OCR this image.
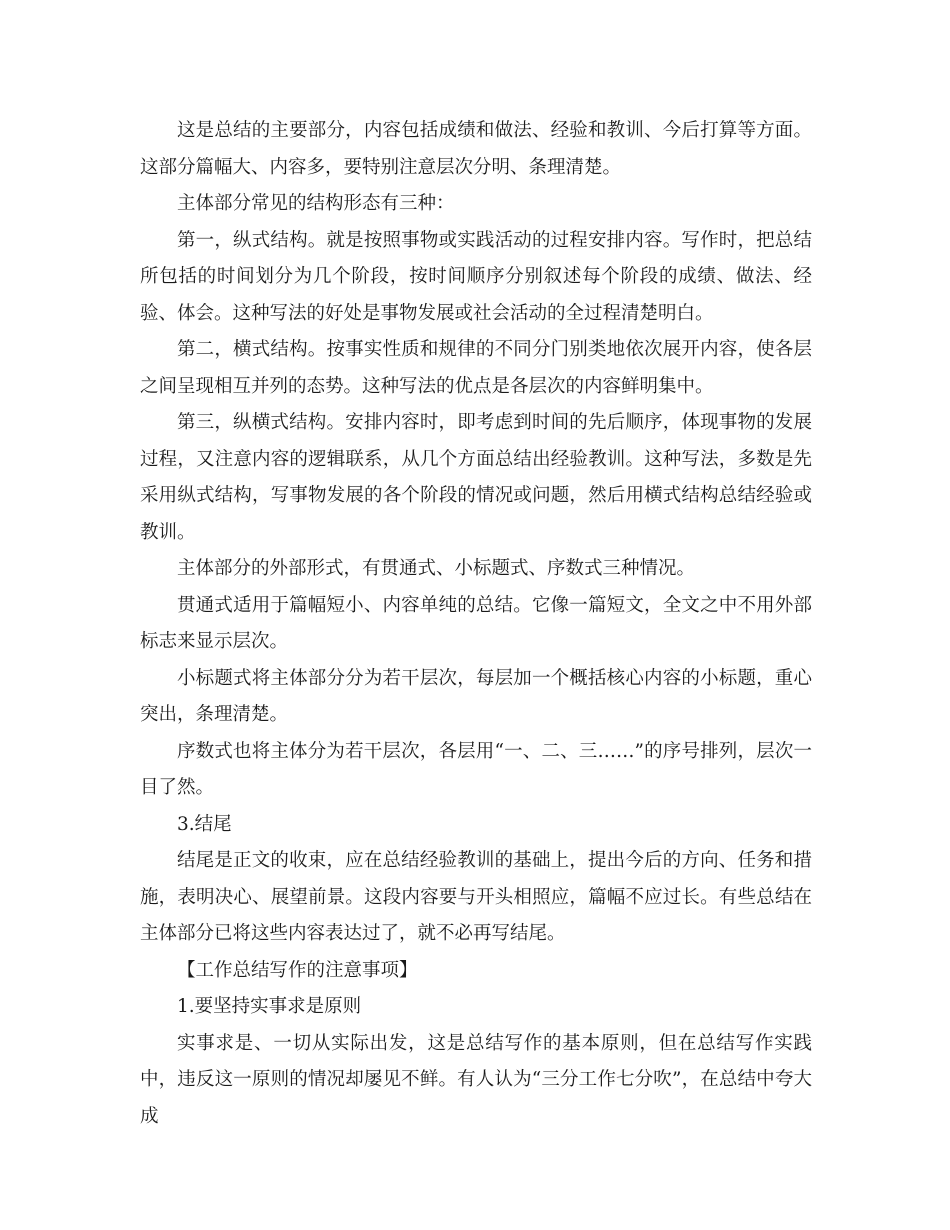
这是总结的主要部分，内容包括成绩和做法、经验和教训、今后打算等方面。这部分篇幅大、内容多，要特别注意层次分明、条理清楚。

主体部分常见的结构形态有三种：

第一，纵式结构。就是按照事物或实践活动的过程安排内容。写作时，把总结所包括的时间划分为几个阶段，按时间顺序分别叙述每个阶段的成绩、做法、经验、体会。这种写法的好处是事物发展或社会活动的全过程清楚明白。

第二，横式结构。按事实性质和规律的不同分门别类地依次展开内容，使各层之间呈现相互并列的态势。这种写法的优点是各层次的内容鲜明集中。

第三，纵横式结构。安排内容时，即考虑到时间的先后顺序，体现事物的发展过程，又注意内容的逻辑联系，从几个方面总结出经验教训。这种写法，多数是先采用纵式结构，写事物发展的各个阶段的情况或问题，然后用横式结构总结经验或教训。

主体部分的外部形式，有贯通式、小标题式、序数式三种情况。

贯通式适用于篇幅短小、内容单纯的总结。它像一篇短文，全文之中不用外部标志来显示层次。

小标题式将主体部分分为若干层次，每层加一个概括核心内容的小标题，重心突出，条理清楚。

序数式也将主体分为若干层次，各层用“一、二、三……”的序号排列，层次一目了然。

3.结尾

结尾是正文的收束，应在总结经验教训的基础上，提出今后的方向、任务和措施，表明决心、展望前景。这段内容要与开头相照应，篇幅不应过长。有些总结在主体部分已将这些内容表达过了，就不必再写结尾。

【工作总结写作的注意事项】

1.要坚持实事求是原则

实事求是、一切从实际出发，这是总结写作的基本原则，但在总结写作实践中，违反这一原则的情况却屡见不鲜。有人认为“三分工作七分吹”，在总结中夸大成
